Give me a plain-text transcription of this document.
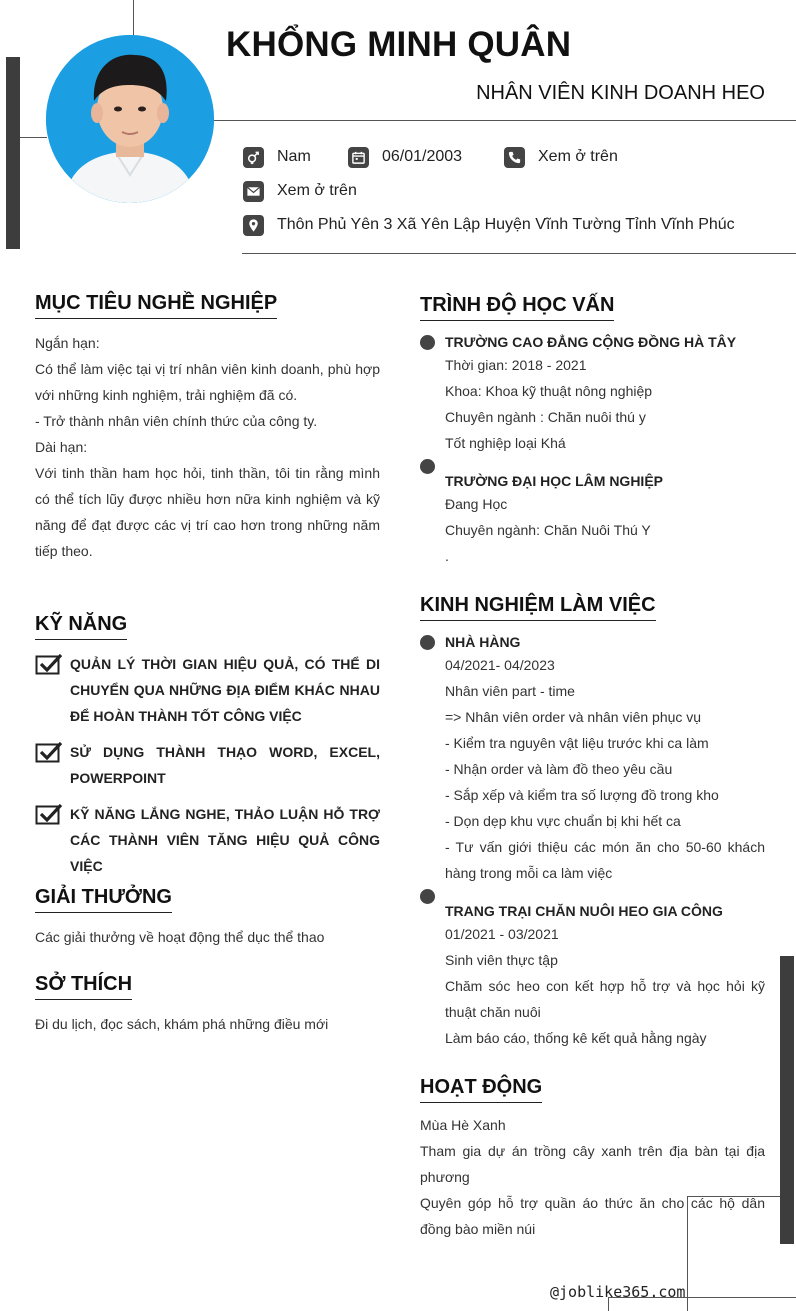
KHỔNG MINH QUÂN
NHÂN VIÊN KINH DOANH HEO
Nam	06/01/2003	Xem ở trên
Xem ở trên
Thôn Phủ Yên 3 Xã Yên Lập Huyện Vĩnh Tường Tỉnh Vĩnh Phúc
MỤC TIÊU NGHỀ NGHIỆP
Ngắn hạn:
Có thể làm việc tại vị trí nhân viên kinh doanh, phù hợp với những kinh nghiệm, trải nghiệm đã có.
- Trở thành nhân viên chính thức của công ty.
Dài hạn:
Với tinh thần ham học hỏi, tinh thần, tôi tin rằng mình có thể tích lũy được nhiều hơn nữa kinh nghiệm và kỹ năng để đạt được các vị trí cao hơn trong những năm tiếp theo.
KỸ NĂNG
QUẢN LÝ THỜI GIAN HIỆU QUẢ, CÓ THỂ DI CHUYỂN QUA NHỮNG ĐỊA ĐIỂM KHÁC NHAU ĐỂ HOÀN THÀNH TỐT CÔNG VIỆC
SỬ DỤNG THÀNH THẠO WORD, EXCEL, POWERPOINT
KỸ NĂNG LẮNG NGHE, THẢO LUẬN HỖ TRỢ CÁC THÀNH VIÊN TĂNG HIỆU QUẢ CÔNG VIỆC
GIẢI THƯỞNG
Các giải thưởng về hoạt động thể dục thể thao
SỞ THÍCH
Đi du lịch, đọc sách, khám phá những điều mới
TRÌNH ĐỘ HỌC VẤN
TRƯỜNG CAO ĐẲNG CỘNG ĐỒNG HÀ TÂY
Thời gian: 2018 - 2021
Khoa: Khoa kỹ thuật nông nghiệp
Chuyên ngành : Chăn nuôi thú y
Tốt nghiệp loại Khá
TRƯỜNG ĐẠI HỌC LÂM NGHIỆP
Đang Học
Chuyên ngành: Chăn Nuôi Thú Y
.
KINH NGHIỆM LÀM VIỆC
NHÀ HÀNG
04/2021- 04/2023
Nhân viên part - time
=> Nhân viên order và nhân viên phục vụ
- Kiểm tra nguyên vật liệu trước khi ca làm
- Nhận order và làm đồ theo yêu cầu
- Sắp xếp và kiểm tra số lượng đồ trong kho
- Dọn dẹp khu vực chuẩn bị khi hết ca
- Tư vấn giới thiệu các món ăn cho 50-60 khách hàng trong mỗi ca làm việc
TRANG TRẠI CHĂN NUÔI HEO GIA CÔNG
01/2021 - 03/2021
Sinh viên thực tập
Chăm sóc heo con kết hợp hỗ trợ và học hỏi kỹ thuật chăn nuôi
Làm báo cáo, thống kê kết quả hằng ngày
HOẠT ĐỘNG
Mùa Hè Xanh
Tham gia dự án trồng cây xanh trên địa bàn tại địa phương
Quyên góp hỗ trợ quần áo thức ăn cho các hộ dân đồng bào miền núi
@joblike365.com
